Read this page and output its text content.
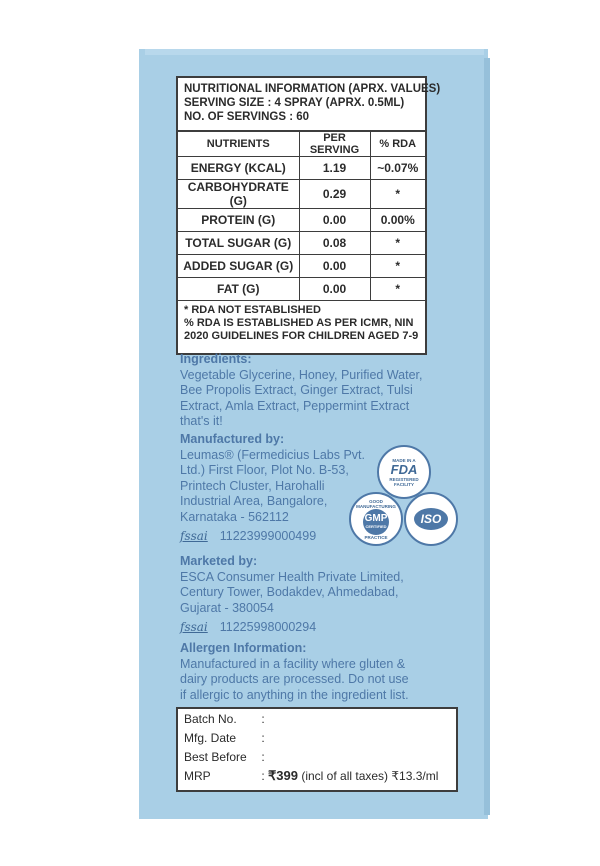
NUTRITIONAL INFORMATION (APRX. VALUES)
SERVING SIZE : 4 SPRAY (APRX. 0.5ML)
NO. OF SERVINGS : 60
NUTRIENTS	PER SERVING	% RDA
ENERGY (KCAL)	1.19	~0.07%
CARBOHYDRATE (G)	0.29	*
PROTEIN (G)	0.00	0.00%
TOTAL SUGAR (G)	0.08	*
ADDED SUGAR (G)	0.00	*
FAT (G)	0.00	*
* RDA NOT ESTABLISHED
% RDA IS ESTABLISHED AS PER ICMR, NIN
2020 GUIDELINES FOR CHILDREN AGED 7-9
Ingredients:
Vegetable Glycerine, Honey, Purified Water,
Bee Propolis Extract, Ginger Extract, Tulsi
Extract, Amla Extract, Peppermint Extract
that's it!
Manufactured by:
Leumas® (Fermedicius Labs Pvt.
Ltd.) First Floor, Plot No. B-53,
Printech Cluster, Harohalli
Industrial Area, Bangalore,
Karnataka - 562112
fssai 11223999000499
MADE IN A
FDA
REGISTERED FACILITY
GOOD MANUFACTURING
GMP
CERTIFIED
PRACTICE
ISO
Marketed by:
ESCA Consumer Health Private Limited,
Century Tower, Bodakdev, Ahmedabad,
Gujarat - 380054
fssai 11225998000294
Allergen Information:
Manufactured in a facility where gluten &
dairy products are processed. Do not use
if allergic to anything in the ingredient list.
Batch No. :
Mfg. Date :
Best Before :
MRP	: ₹399 (incl of all taxes) ₹13.3/ml
